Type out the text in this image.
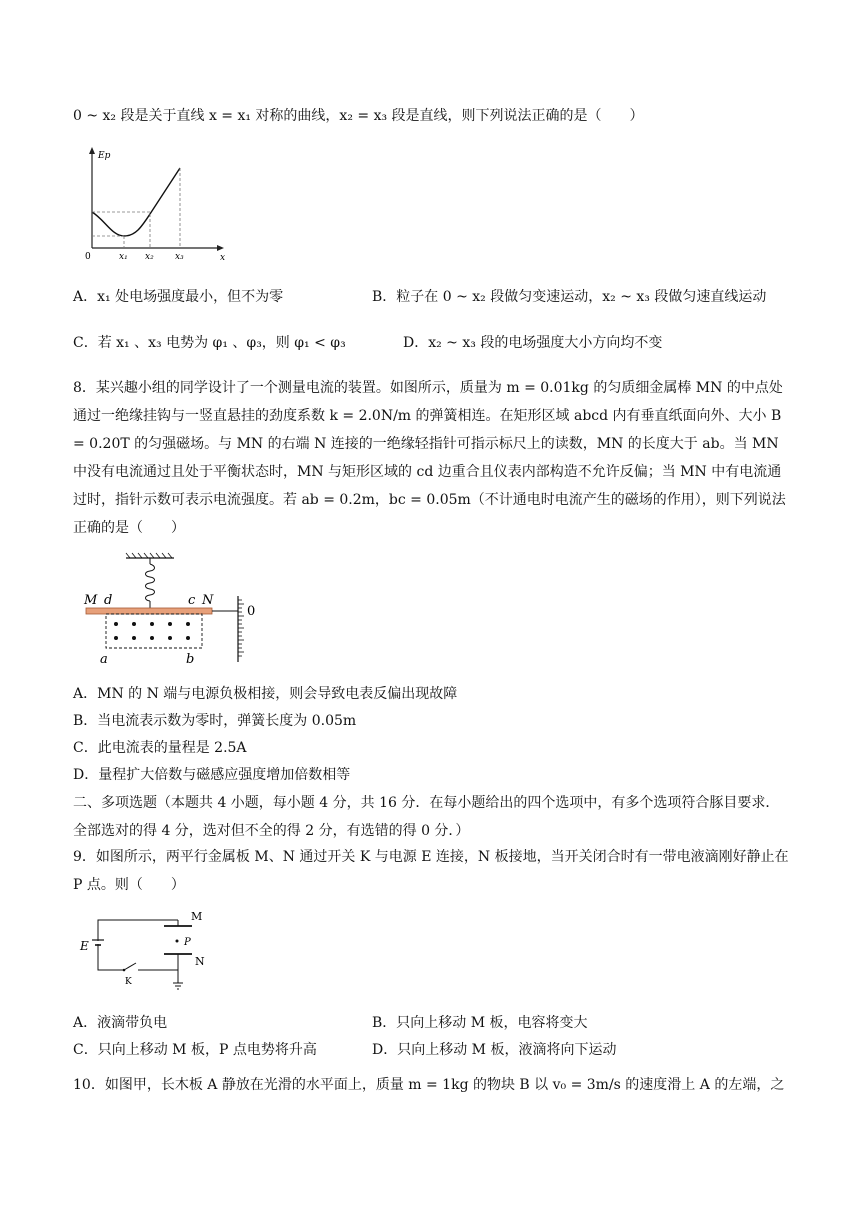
0 ~ x₂ 段是关于直线 x = x₁ 对称的曲线，x₂ = x₃ 段是直线，则下列说法正确的是（　　）
Ep
0	x
x₁ x₂ x₃
A．x₁ 处电场强度最小，但不为零	B．粒子在 0 ~ x₂ 段做匀变速运动，x₂ ~ x₃ 段做匀速直线运动
C．若 x₁ 、x₃ 电势为 φ₁ 、φ₃，则 φ₁ < φ₃	D．x₂ ~ x₃ 段的电场强度大小方向均不变
8．某兴趣小组的同学设计了一个测量电流的装置。如图所示，质量为 m = 0.01kg 的匀质细金属棒 MN 的中点处通过一绝缘挂钩与一竖直悬挂的劲度系数 k = 2.0N/m 的弹簧相连。在矩形区域 abcd 内有垂直纸面向外、大小 B = 0.20T 的匀强磁场。与 MN 的右端 N 连接的一绝缘轻指针可指示标尺上的读数，MN 的长度大于 ab。当 MN 中没有电流通过且处于平衡状态时，MN 与矩形区域的 cd 边重合且仪表内部构造不允许反偏；当 MN 中有电流通过时，指针示数可表示电流强度。若 ab = 0.2m，bc = 0.05m（不计通电时电流产生的磁场的作用），则下列说法正确的是（　　）
M d	c N
0
a	b
A．MN 的 N 端与电源负极相接，则会导致电表反偏出现故障
B．当电流表示数为零时，弹簧长度为 0.05m
C．此电流表的量程是 2.5A
D．量程扩大倍数与磁感应强度增加倍数相等
二、多项选题（本题共 4 小题，每小题 4 分，共 16 分．在每小题给出的四个选项中，有多个选项符合豚目要求．全部选对的得 4 分，选对但不全的得 2 分，有选错的得 0 分．）
9．如图所示，两平行金属板 M、N 通过开关 K 与电源 E 连接，N 板接地，当开关闭合时有一带电液滴刚好静止在 P 点。则（　　）
E
M
P
N
K
A．液滴带负电	B．只向上移动 M 板，电容将变大
C．只向上移动 M 板，P 点电势将升高	D．只向上移动 M 板，液滴将向下运动
10．如图甲，长木板 A 静放在光滑的水平面上，质量 m = 1kg 的物块 B 以 v₀ = 3m/s 的速度滑上 A 的左端，之
